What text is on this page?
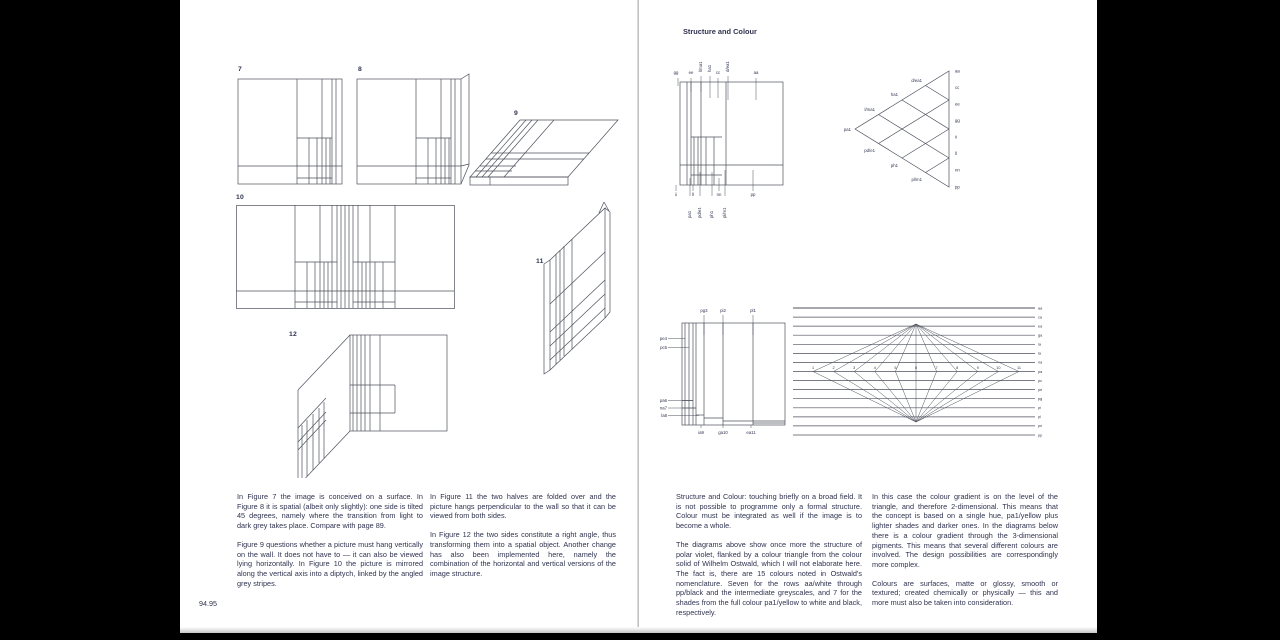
7	8
9
10
11
12

In Figure 7 the image is conceived on a surface. In Figure 8 it is spatial (albeit only slightly): one side is tilted 45 degrees, namely where the transition from light to dark grey takes place. Compare with page 89.

Figure 9 questions whether a picture must hang vertically on the wall. It does not have to — it can also be viewed lying horizontally. In Figure 10 the picture is mirrored along the vertical axis into a diptych, linked by the angled grey stripes.

In Figure 11 the two halves are folded over and the picture hangs perpendicular to the wall so that it can be viewed from both sides.

In Figure 12 the two sides constitute a right angle, thus transforming them into a spatial object. Another change has also been implemented here, namely the combination of the horizontal and vertical versions of the image structure.

94.95
Structure and Colour
gg ee	cc	aa
l/ma1 ha1	d/ea1
ii	ll	nn	pp
pa1 pd/e1 ph1 pl/m1
pa1
l/ma1
ha1
d/ea1
pd/e1
ph1
pl/m1
aa
cc
ee
gg
ii
ll
nn
pp
pg3	pi2	pl1
pe4
pc5
pa6
na7
la8
ia9	ga10	ea11
1	2	3	4	5	6	7	8	9	10	11
aa
ca
ea
ga
ia
la
na
pa
pc
pe
pg
pi
pl
pn
pp

Structure and Colour: touching briefly on a broad field. It is not possible to programme only a formal structure. Colour must be integrated as well if the image is to become a whole.

The diagrams above show once more the structure of polar violet, flanked by a colour triangle from the colour solid of Wilhelm Ostwald, which I will not elaborate here. The fact is, there are 15 colours noted in Ostwald's nomenclature. Seven for the rows aa/white through pp/black and the intermediate greyscales, and 7 for the shades from the full colour pa1/yellow to white and black, respectively.

In this case the colour gradient is on the level of the triangle, and therefore 2-dimensional. This means that the concept is based on a single hue, pa1/yellow plus lighter shades and darker ones. In the diagrams below there is a colour gradient through the 3-dimensional pigments. This means that several different colours are involved. The design possibilities are correspondingly more complex.

Colours are surfaces, matte or glossy, smooth or textured; created chemically or physically — this and more must also be taken into consideration.
